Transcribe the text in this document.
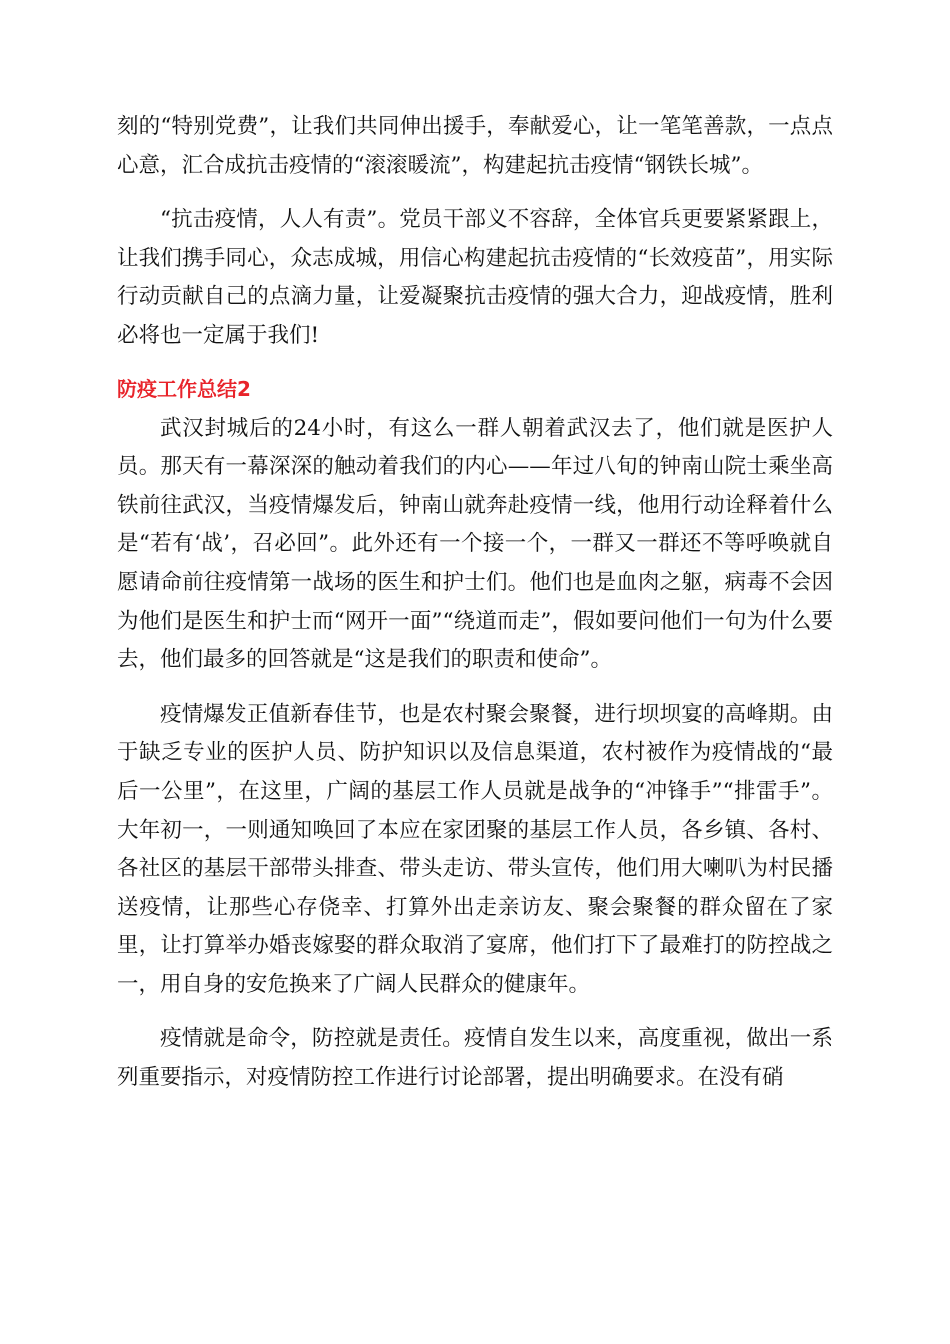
刻的“特别党费”，让我们共同伸出援手，奉献爱心，让一笔笔善款，一点点心意，汇合成抗击疫情的“滚滚暖流”，构建起抗击疫情“钢铁长城”。

“抗击疫情，人人有责”。党员干部义不容辞，全体官兵更要紧紧跟上，让我们携手同心，众志成城，用信心构建起抗击疫情的“长效疫苗”，用实际行动贡献自己的点滴力量，让爱凝聚抗击疫情的强大合力，迎战疫情，胜利必将也一定属于我们!

防疫工作总结2

武汉封城后的24小时，有这么一群人朝着武汉去了，他们就是医护人员。那天有一幕深深的触动着我们的内心——年过八旬的钟南山院士乘坐高铁前往武汉，当疫情爆发后，钟南山就奔赴疫情一线，他用行动诠释着什么是“若有‘战’，召必回”。此外还有一个接一个，一群又一群还不等呼唤就自愿请命前往疫情第一战场的医生和护士们。他们也是血肉之躯，病毒不会因为他们是医生和护士而“网开一面”“绕道而走”，假如要问他们一句为什么要去，他们最多的回答就是“这是我们的职责和使命”。

疫情爆发正值新春佳节，也是农村聚会聚餐，进行坝坝宴的高峰期。由于缺乏专业的医护人员、防护知识以及信息渠道，农村被作为疫情战的“最后一公里”，在这里，广阔的基层工作人员就是战争的“冲锋手”“排雷手”。大年初一，一则通知唤回了本应在家团聚的基层工作人员，各乡镇、各村、各社区的基层干部带头排查、带头走访、带头宣传，他们用大喇叭为村民播送疫情，让那些心存侥幸、打算外出走亲访友、聚会聚餐的群众留在了家里，让打算举办婚丧嫁娶的群众取消了宴席，他们打下了最难打的防控战之一，用自身的安危换来了广阔人民群众的健康年。

疫情就是命令，防控就是责任。疫情自发生以来，高度重视，做出一系列重要指示，对疫情防控工作进行讨论部署，提出明确要求。在没有硝
